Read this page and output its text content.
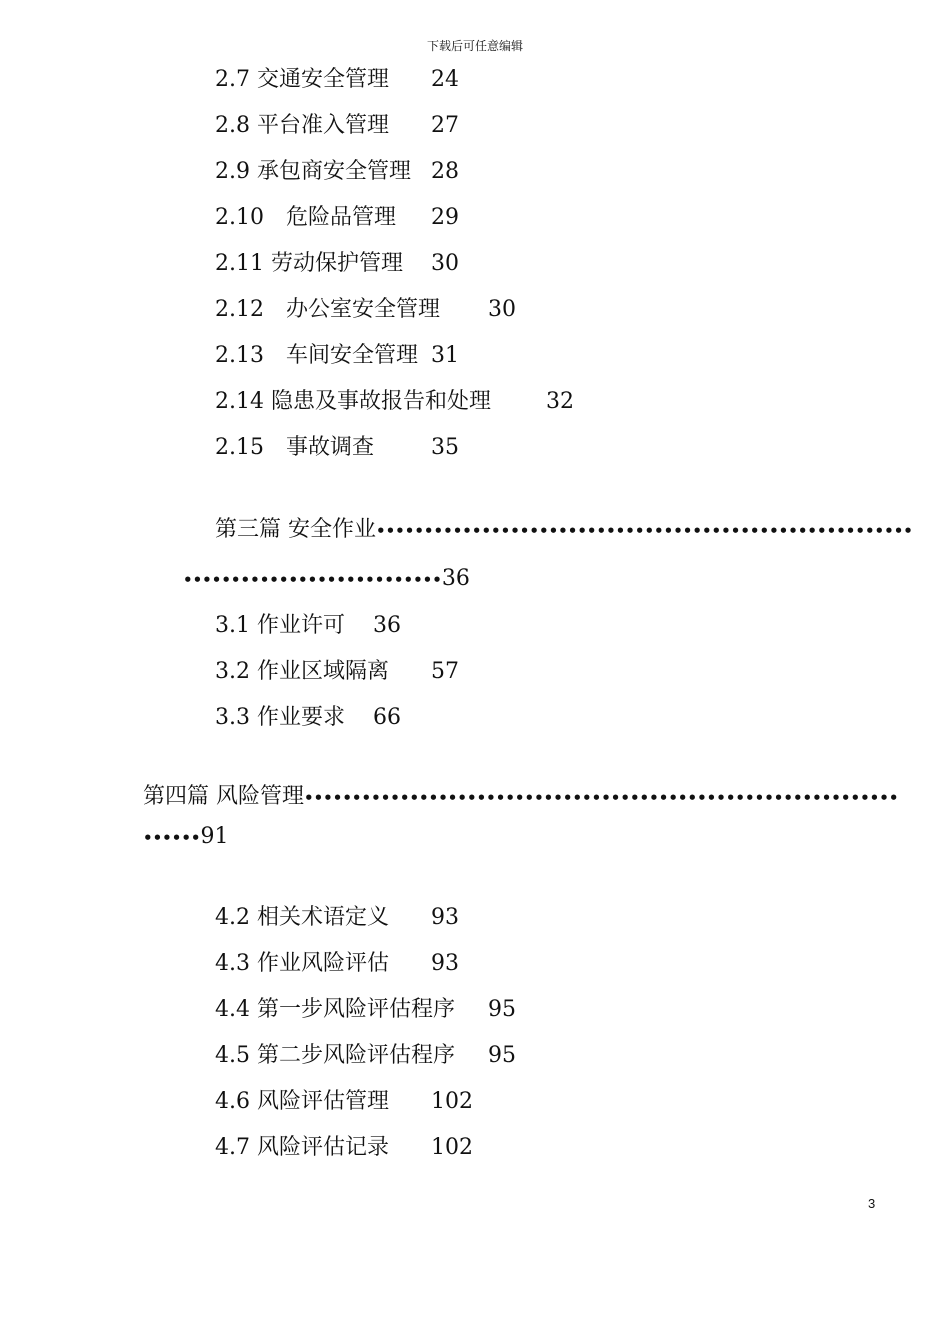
下载后可任意编辑
2.7 交通安全管理 24
2.8 平台准入管理 27
2.9 承包商安全管理 28
2.10　危险品管理 29
2.11 劳动保护管理 30
2.12　办公室安全管理 30
2.13　车间安全管理 31
2.14 隐患及事故报告和处理	32
2.15　事故调查	35
第三篇 安全作业••••••••••••••••••••••••••••••••••••••••••••••••••••••••
•••••••••••••••••••••••••••36
3.1 作业许可 36
3.2 作业区域隔离 57
3.3 作业要求 66
第四篇 风险管理••••••••••••••••••••••••••••••••••••••••••••••••••••••••••••••
••••••91
4.2 相关术语定义 93
4.3 作业风险评估 93
4.4 第一步风险评估程序 95
4.5 第二步风险评估程序 95
4.6 风险评估管理 102
4.7 风险评估记录 102
3
